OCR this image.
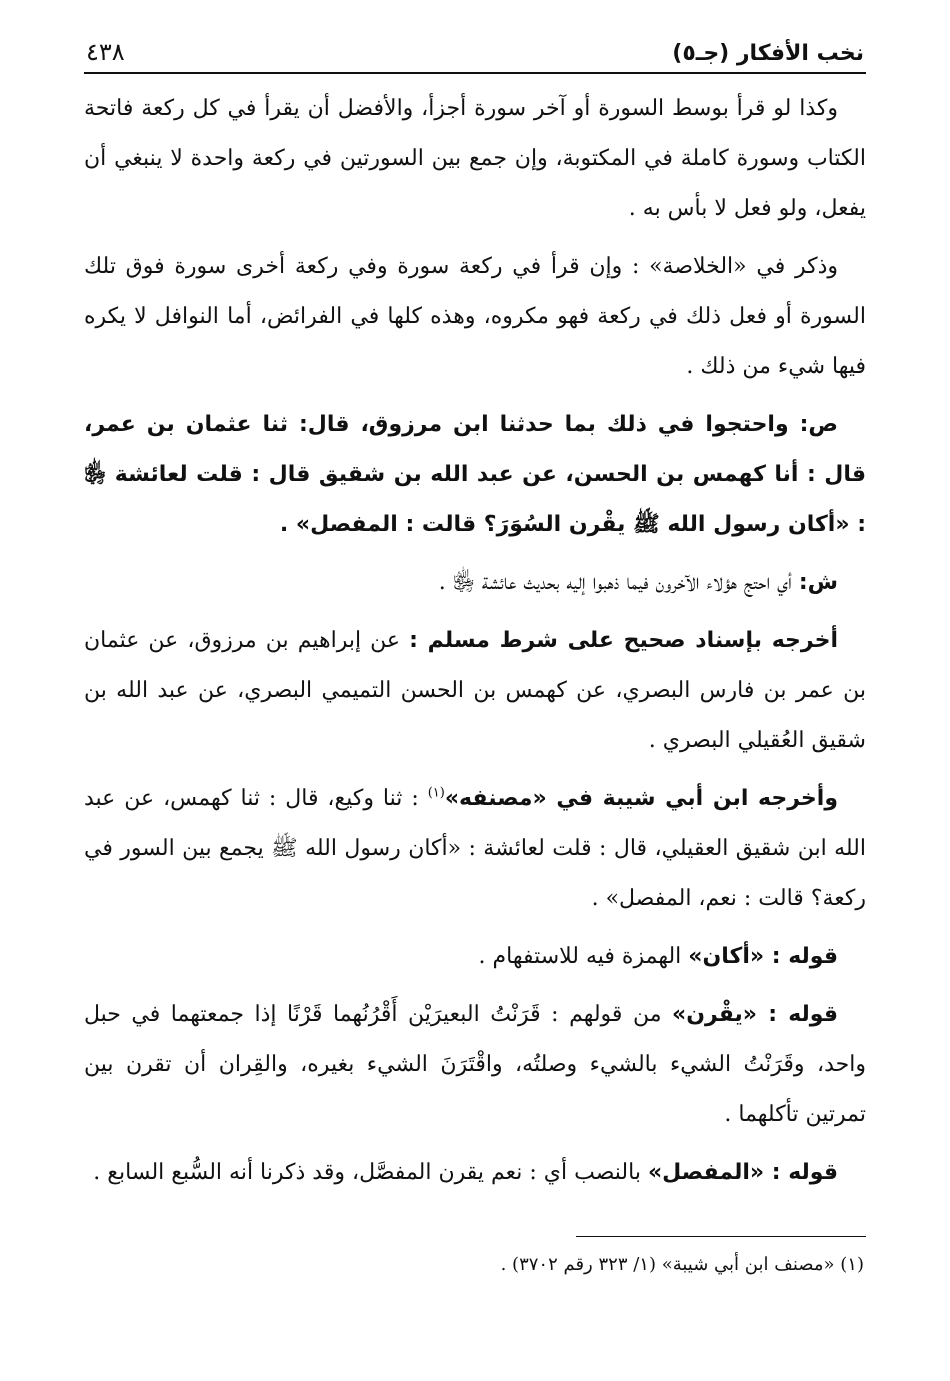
نخب الأفكار (جـ٥)
٤٣٨

وكذا لو قرأ بوسط السورة أو آخر سورة أجزأ، والأفضل أن يقرأ في كل ركعة فاتحة الكتاب وسورة كاملة في المكتوبة، وإن جمع بين السورتين في ركعة واحدة لا ينبغي أن يفعل، ولو فعل لا بأس به .

وذكر في «الخلاصة» : وإن قرأ في ركعة سورة وفي ركعة أخرى سورة فوق تلك السورة أو فعل ذلك في ركعة فهو مكروه، وهذه كلها في الفرائض، أما النوافل لا يكره فيها شيء من ذلك .

ص: واحتجوا في ذلك بما حدثنا ابن مرزوق، قال: ثنا عثمان بن عمر، قال : أنا كهمس بن الحسن، عن عبد الله بن شقيق قال : قلت لعائشة ﵂ : «أكان رسول الله ﷺ يقْرن السُوَرَ؟ قالت : المفصل» .

ش: أي احتج هؤلاء الآخرون فيما ذهبوا إليه بحديث عائشة ﵂ .

أخرجه بإسناد صحيح على شرط مسلم : عن إبراهيم بن مرزوق، عن عثمان بن عمر بن فارس البصري، عن كهمس بن الحسن التميمي البصري، عن عبد الله بن شقيق العُقيلي البصري .

وأخرجه ابن أبي شيبة في «مصنفه»$^{(١)}$ : ثنا وكيع، قال : ثنا كهمس، عن عبد الله ابن شقيق العقيلي، قال : قلت لعائشة : «أكان رسول الله ﷺ يجمع بين السور في ركعة؟ قالت : نعم، المفصل» .

قوله : «أكان» الهمزة فيه للاستفهام .

قوله : «يقْرن» من قولهم : قَرَنْتُ البعيرَيْن أَقْرُنُهما قَرْنًا إذا جمعتهما في حبل واحد، وقَرَنْتُ الشيء بالشيء وصلتُه، واقْتَرَنَ الشيء بغيره، والقِران أن تقرن بين تمرتين تأكلهما .

قوله : «المفصل» بالنصب أي : نعم يقرن المفصَّل، وقد ذكرنا أنه السُّبع السابع .

(١) «مصنف ابن أبي شيبة» (١/ ٣٢٣ رقم ٣٧٠٢) .
